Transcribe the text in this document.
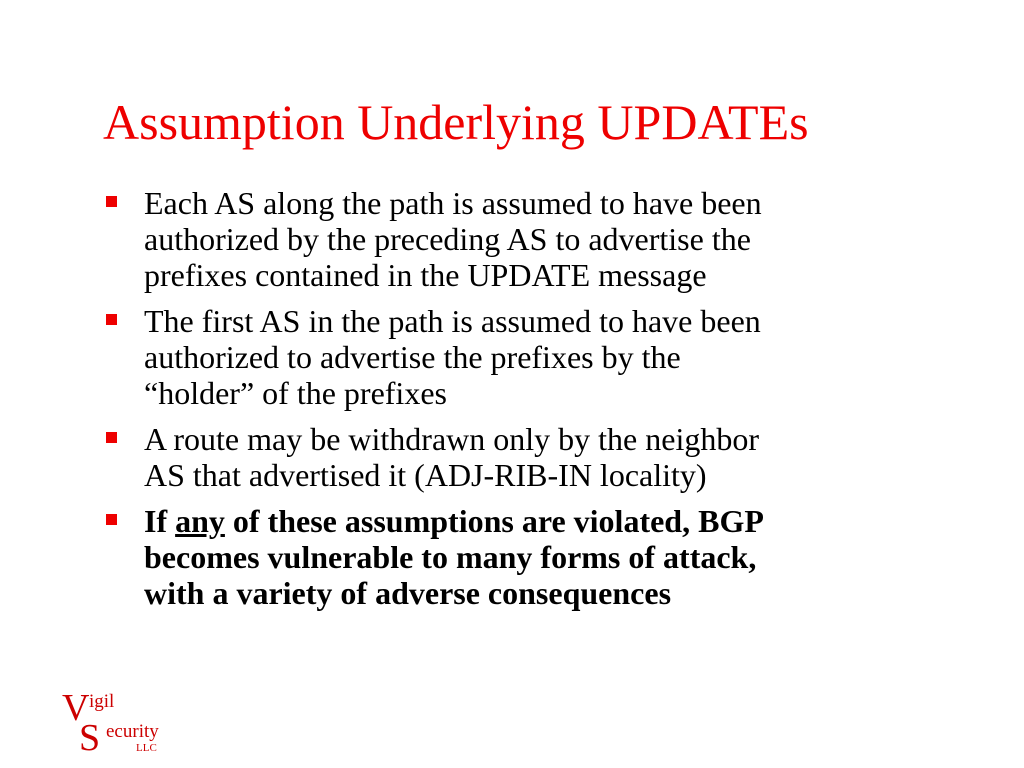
Assumption Underlying UPDATEs
Each AS along the path is assumed to have been
authorized by the preceding AS to advertise the
prefixes contained in the UPDATE message
The first AS in the path is assumed to have been
authorized to advertise the prefixes by the
“holder” of the prefixes
A route may be withdrawn only by the neighbor
AS that advertised it (ADJ-RIB-IN locality)
If any of these assumptions are violated, BGP
becomes vulnerable to many forms of attack,
with a variety of adverse consequences
V igil
S ecurity
LLC
